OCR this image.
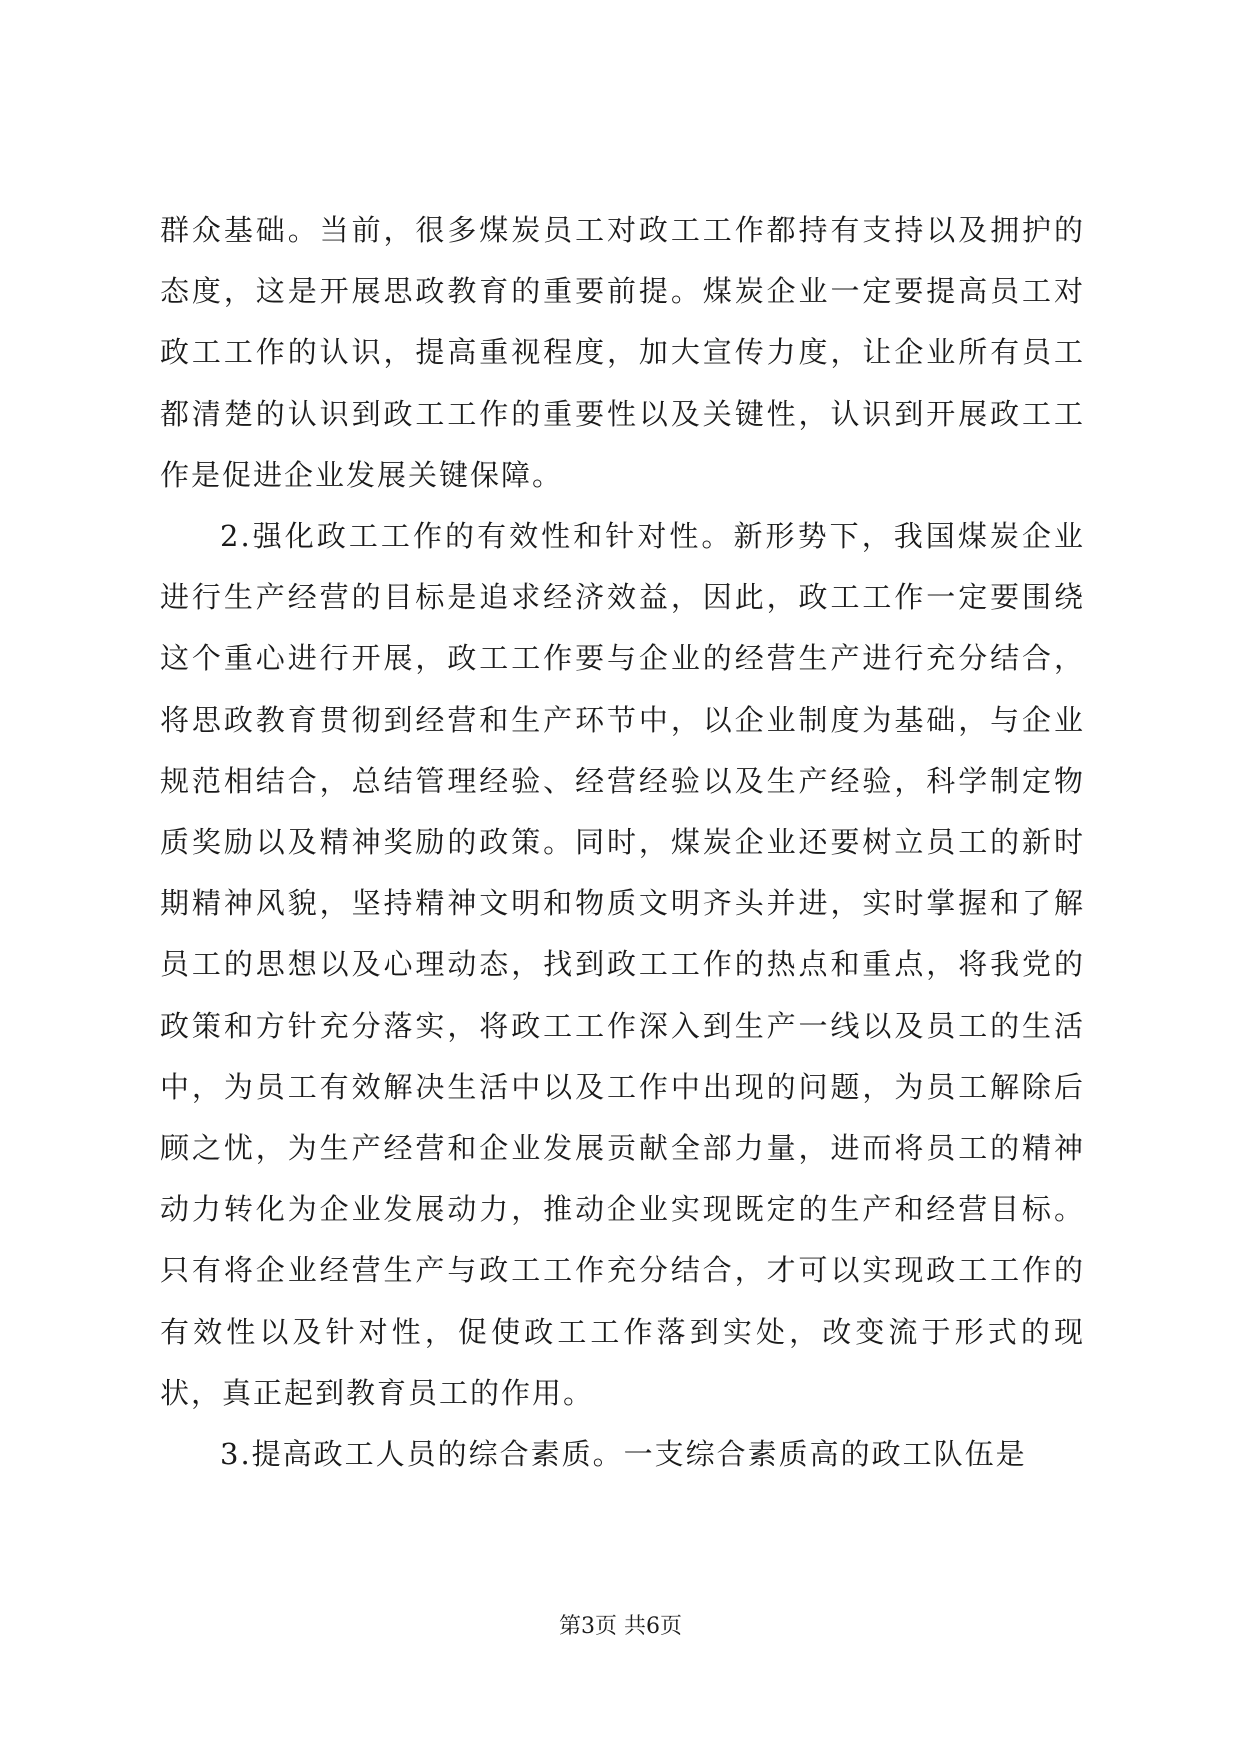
群众基础。当前，很多煤炭员工对政工工作都持有支持以及拥护的态度，这是开展思政教育的重要前提。煤炭企业一定要提高员工对政工工作的认识，提高重视程度，加大宣传力度，让企业所有员工都清楚的认识到政工工作的重要性以及关键性，认识到开展政工工作是促进企业发展关键保障。

2.强化政工工作的有效性和针对性。新形势下，我国煤炭企业进行生产经营的目标是追求经济效益，因此，政工工作一定要围绕这个重心进行开展，政工工作要与企业的经营生产进行充分结合，将思政教育贯彻到经营和生产环节中，以企业制度为基础，与企业规范相结合，总结管理经验、经营经验以及生产经验，科学制定物质奖励以及精神奖励的政策。同时，煤炭企业还要树立员工的新时期精神风貌，坚持精神文明和物质文明齐头并进，实时掌握和了解员工的思想以及心理动态，找到政工工作的热点和重点，将我党的政策和方针充分落实，将政工工作深入到生产一线以及员工的生活中，为员工有效解决生活中以及工作中出现的问题，为员工解除后顾之忧，为生产经营和企业发展贡献全部力量，进而将员工的精神动力转化为企业发展动力，推动企业实现既定的生产和经营目标。只有将企业经营生产与政工工作充分结合，才可以实现政工工作的有效性以及针对性，促使政工工作落到实处，改变流于形式的现状，真正起到教育员工的作用。

3.提高政工人员的综合素质。一支综合素质高的政工队伍是

第3页 共6页
